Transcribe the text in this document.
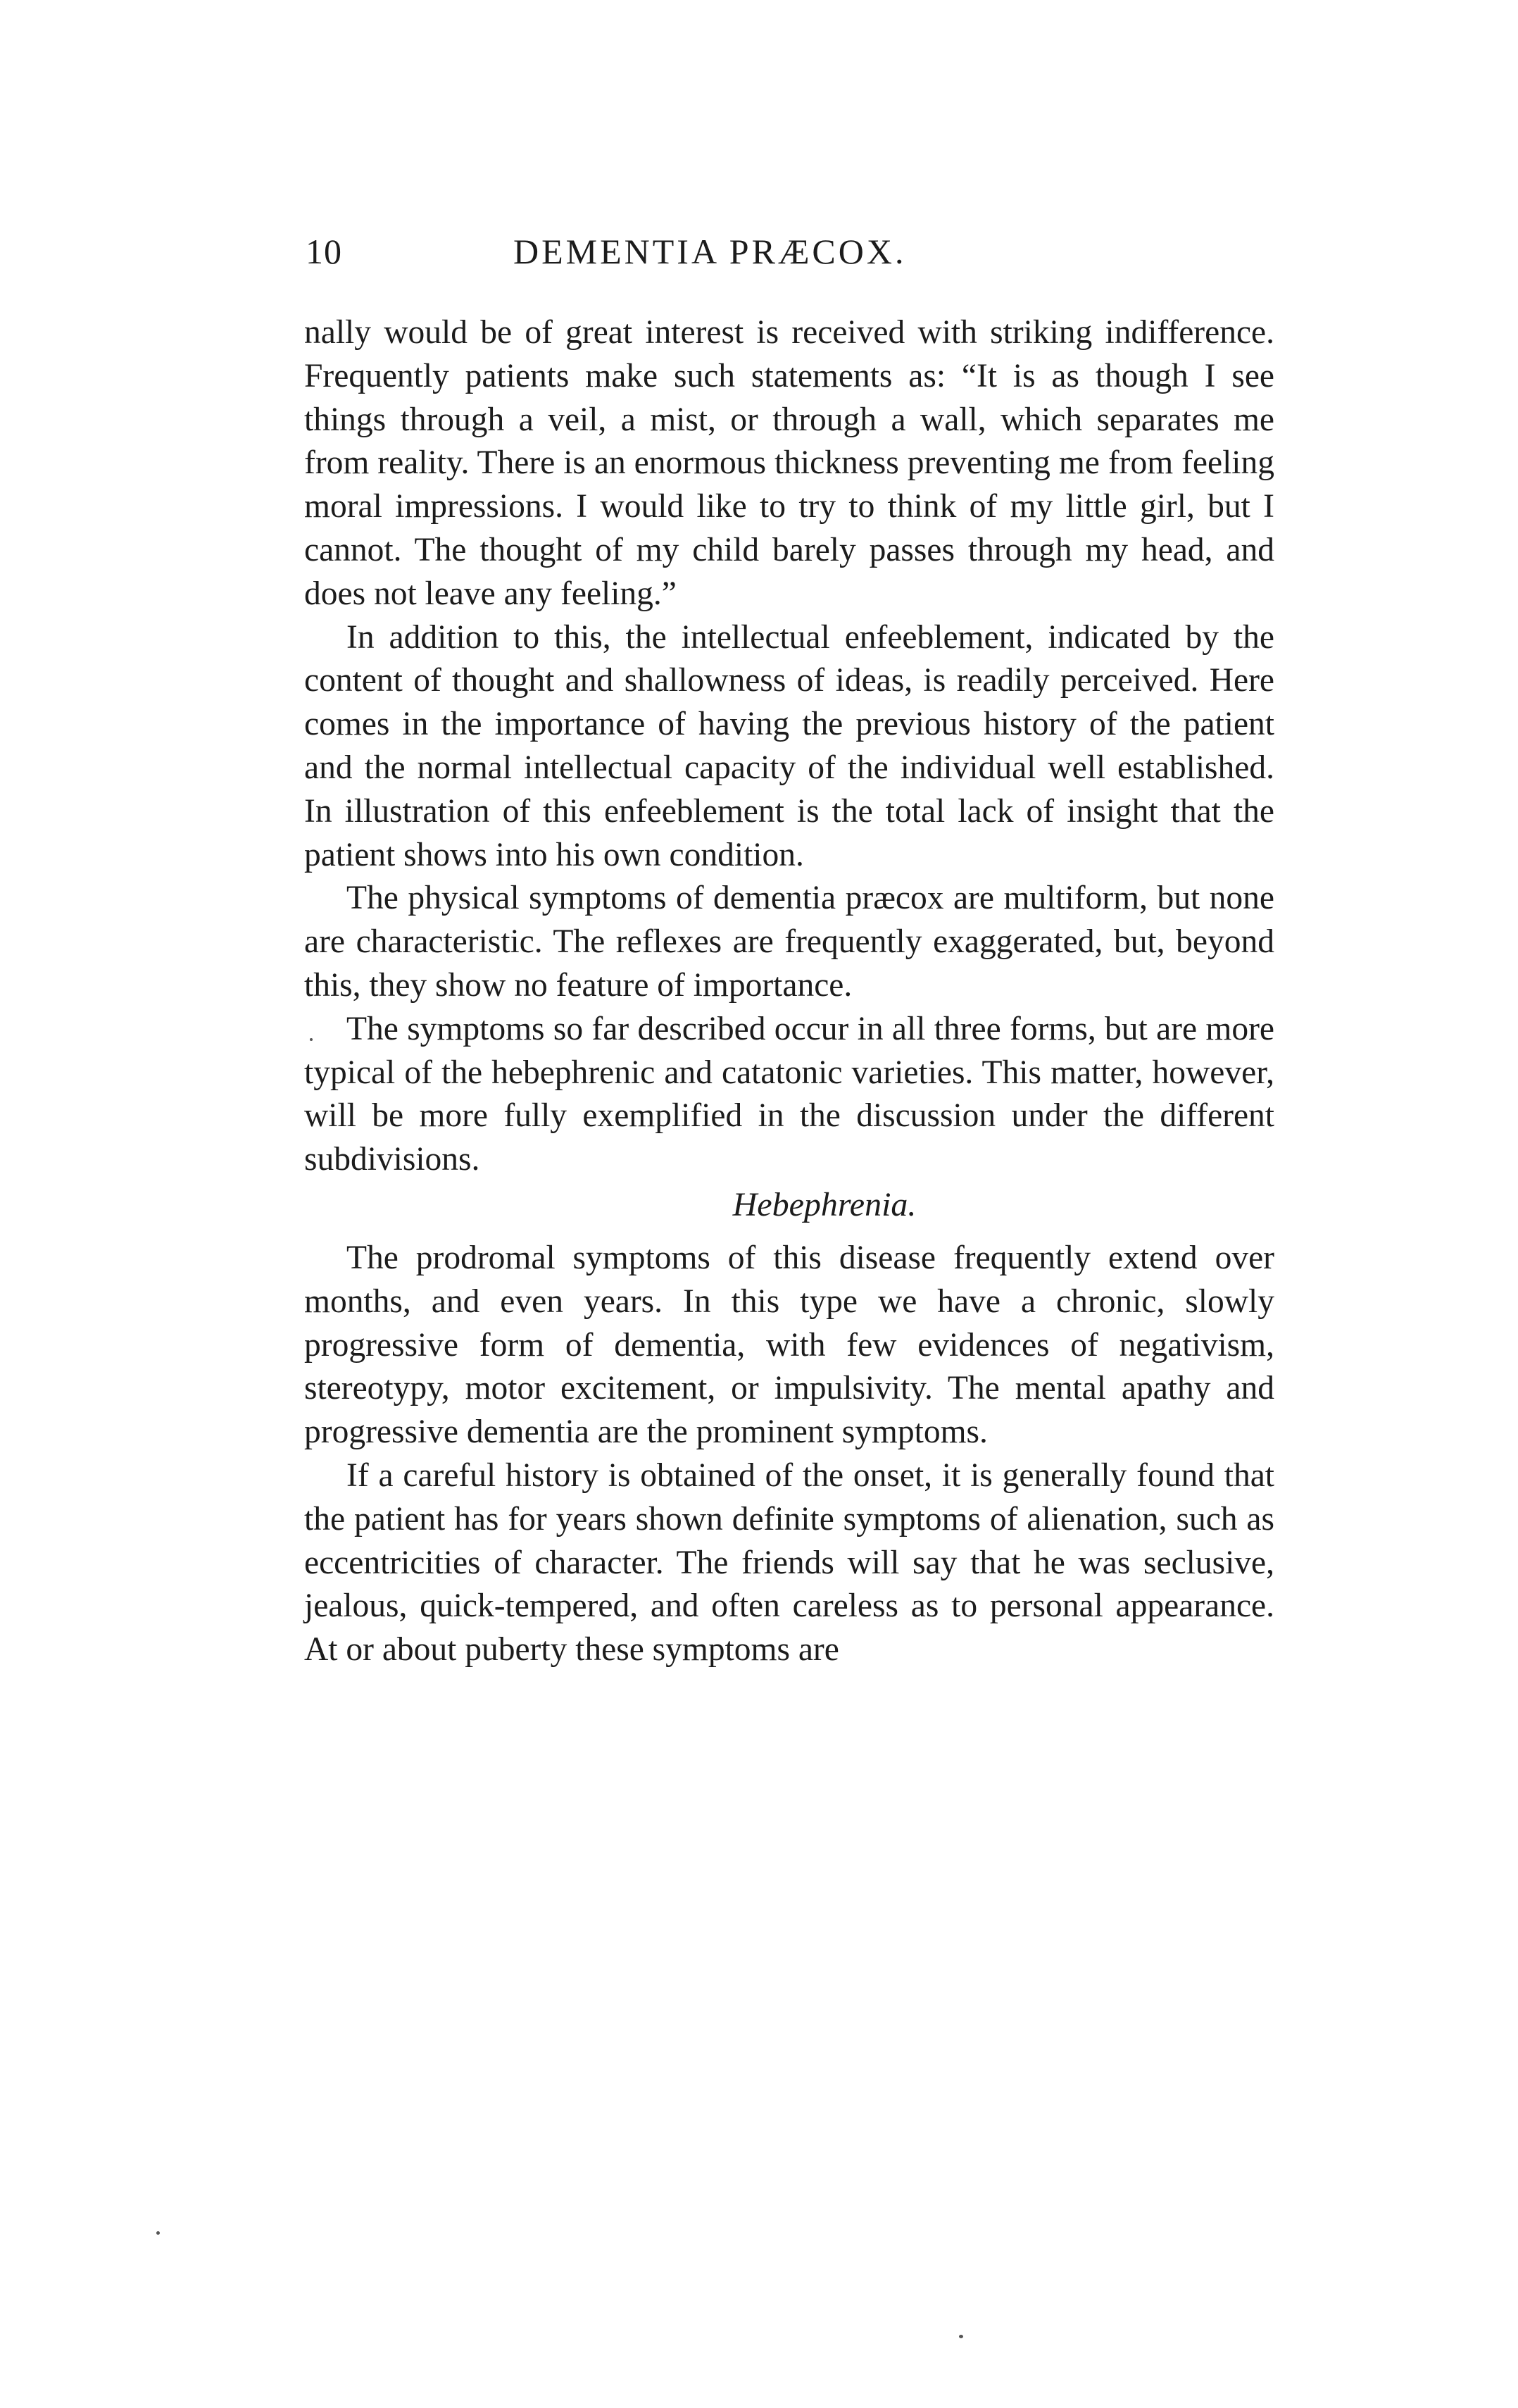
10	DEMENTIA PRÆCOX.

nally would be of great interest is received with striking indifference. Frequently patients make such statements as: “It is as though I see things through a veil, a mist, or through a wall, which separates me from reality. There is an enormous thickness preventing me from feeling moral impressions. I would like to try to think of my little girl, but I cannot. The thought of my child barely passes through my head, and does not leave any feeling.”

In addition to this, the intellectual enfeeblement, indicated by the content of thought and shallowness of ideas, is readily perceived. Here comes in the importance of having the previous history of the patient and the normal intellectual capacity of the individual well established. In illustration of this enfeeblement is the total lack of insight that the patient shows into his own condition.

The physical symptoms of dementia præcox are multiform, but none are characteristic. The reflexes are frequently exaggerated, but, beyond this, they show no feature of importance.

The symptoms so far described occur in all three forms, but are more typical of the hebephrenic and catatonic varieties. This matter, however, will be more fully exemplified in the discussion under the different subdivisions.

Hebephrenia.

The prodromal symptoms of this disease frequently extend over months, and even years. In this type we have a chronic, slowly progressive form of dementia, with few evidences of negativism, stereotypy, motor excitement, or impulsivity. The mental apathy and progressive dementia are the prominent symptoms.

If a careful history is obtained of the onset, it is generally found that the patient has for years shown definite symptoms of alienation, such as eccentricities of character. The friends will say that he was seclusive, jealous, quick-tempered, and often careless as to personal appearance. At or about puberty these symptoms are
